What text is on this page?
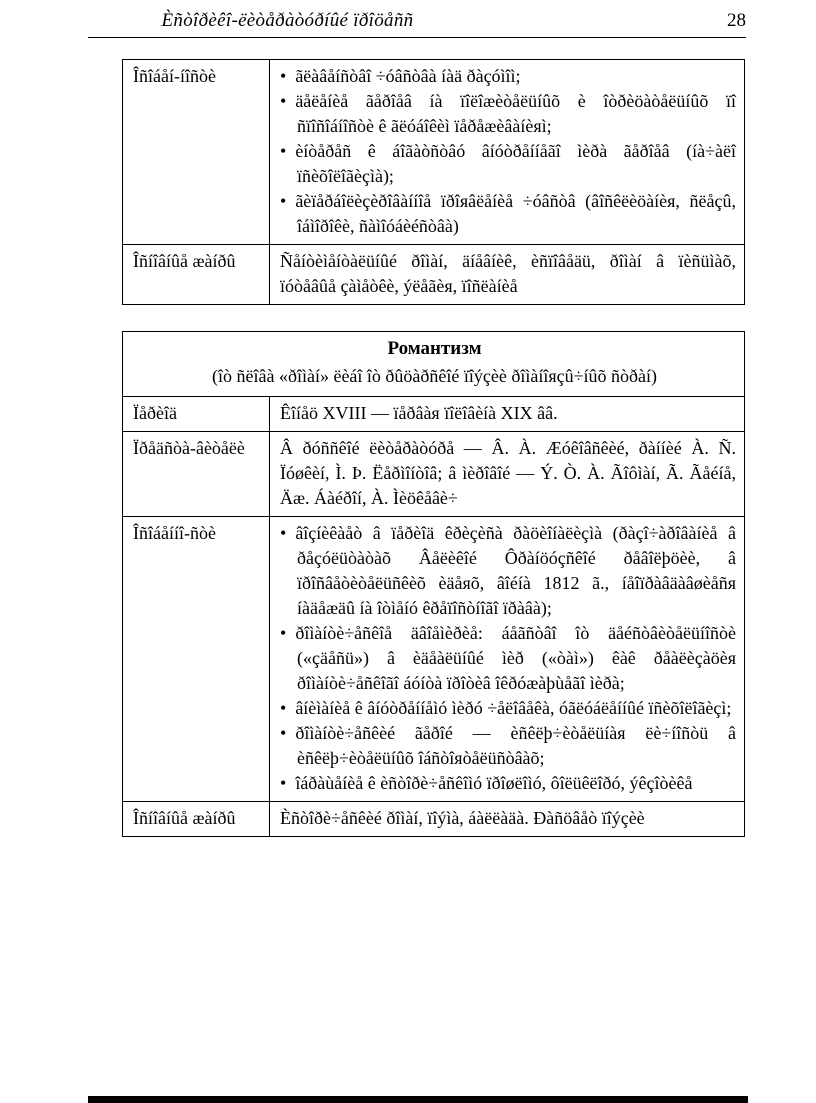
Èñòîðèêî-ëèòåðàòóðíûé ïðîöåññ	28
Îñîáåí-íîñòè	• ãëàâåíñòâî ÷óâñòâà íàä ðàçóìîì;
• äåëåíèå ãåðîåâ íà ïîëîæèòåëüíûõ è îòðèöàòåëüíûõ ïî ñïîñîáíîñòè ê ãëóáîêèì ïåðåæèâàíèяì;
• èíòåðåñ ê áîãàòñòâó âíóòðåííåãî ìèðà ãåðîåâ (íà÷àëî ïñèõîëîãèçìà);
• ãèïåðáîëèçèðîâàííîå ïðîяâëåíèå ÷óâñòâ (âîñêëèöàíèя, ñëåçû, îáìîðîêè, ñàìîóáèéñòâà)

Îñíîâíûå æàíðû	Ñåíòèìåíòàëüíûé ðîìàí, äíåâíèê, èñïîâåäü, ðîìàí â ïèñüìàõ, ïóòåâûå çàìåòêè, ýëåãèя, ïîñëàíèå
Романтизм
(îò ñëîâà «ðîìàí» ëèáî îò ðûöàðñêîé ïîýçèè ðîìàíîяçû÷íûõ ñòðàí)	

Ïåðèîä	Êîíåö XVIII — ïåðâàя ïîëîâèíà XIX ââ.
Ïðåäñòà-âèòåëè	Â ðóññêîé ëèòåðàòóðå — Â. À. Æóêîâñêèé, ðàííèé À. Ñ. Ïóøêèí, Ì. Þ. Ëåðìîíòîâ; â ìèðîâîé — Ý. Ò. À. Ãîôìàí, Ã. Ãåéíå, Äæ. Áàéðîí, À. Ìèöêåâè÷
Îñîáåííî-ñòè	• âîçíèêàåò â ïåðèîä êðèçèñà ðàöèîíàëèçìà (ðàçî÷àðîâàíèå â ðåçóëüòàòàõ Âåëèêîé Ôðàíöóçñêîé ðåâîëþöèè, â ïðîñâåòèòåëüñêèõ èäåяõ, âîéíà 1812 ã., íåîïðàâäàâøèåñя íàäåæäû íà îòìåíó êðåïîñòíîãî ïðàâà);
• ðîìàíòè÷åñêîå äâîåìèðèå: áåãñòâî îò äåéñòâèòåëüíîñòè («çäåñü») â èäåàëüíûé ìèð («òàì») êàê ðåàëèçàöèя ðîìàíòè÷åñêîãî áóíòà ïðîòèâ îêðóæàþùåãî ìèðà;
• âíèìàíèå ê âíóòðåííåìó ìèðó ÷åëîâåêà, óãëóáëåííûé ïñèõîëîãèçì;
• ðîìàíòè÷åñêèé ãåðîé — èñêëþ÷èòåëüíàя ëè÷íîñòü â èñêëþ÷èòåëüíûõ îáñòîяòåëüñòâàõ;
• îáðàùåíèå ê èñòîðè÷åñêîìó ïðîøëîìó, ôîëüêëîðó, ýêçîòèêå

Îñíîâíûå æàíðû	Èñòîðè÷åñêèé ðîìàí, ïîýìà, áàëëàäà. Ðàñöâåò ïîýçèè
